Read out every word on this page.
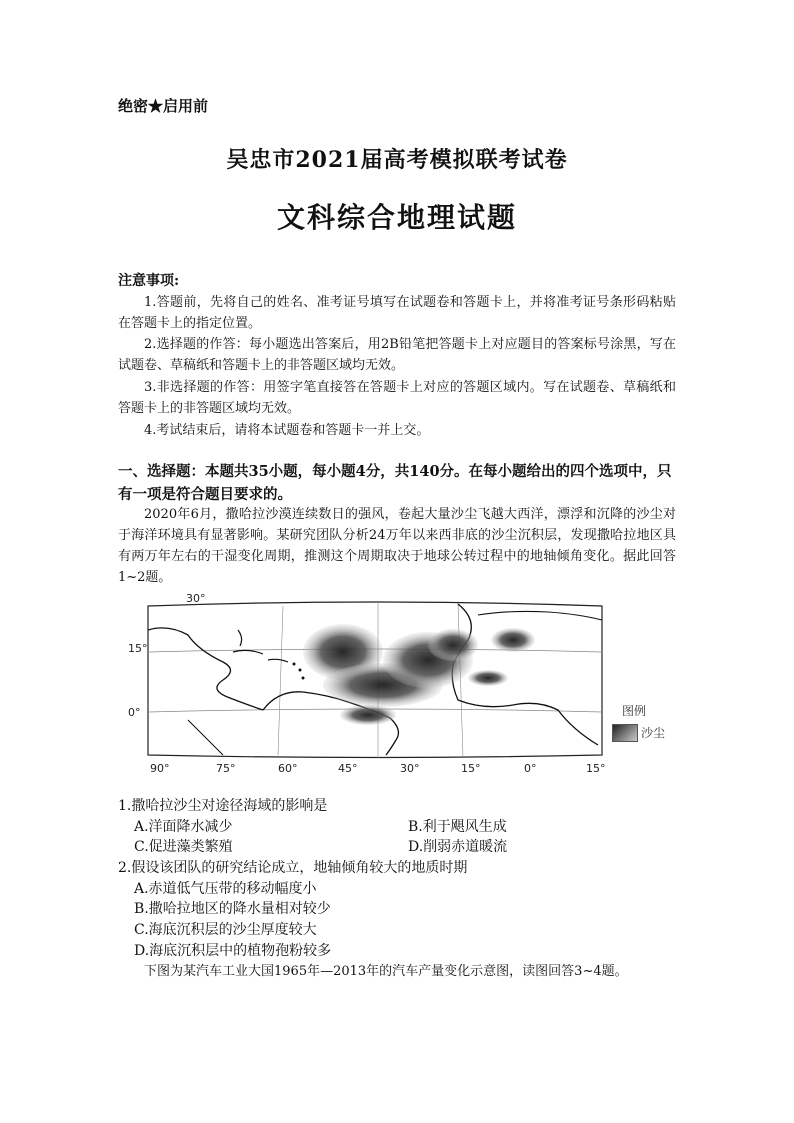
绝密★启用前
吴忠市2021届高考模拟联考试卷
文科综合地理试题
注意事项:
1.答题前，先将自己的姓名、准考证号填写在试题卷和答题卡上，并将准考证号条形码粘贴在答题卡上的指定位置。
2.选择题的作答：每小题选出答案后，用2B铅笔把答题卡上对应题目的答案标号涂黑，写在试题卷、草稿纸和答题卡上的非答题区域均无效。
3.非选择题的作答：用签字笔直接答在答题卡上对应的答题区域内。写在试题卷、草稿纸和答题卡上的非答题区域均无效。
4.考试结束后，请将本试题卷和答题卡一并上交。
一、选择题：本题共35小题，每小题4分，共140分。在每小题给出的四个选项中，只有一项是符合题目要求的。
2020年6月，撒哈拉沙漠连续数日的强风，卷起大量沙尘飞越大西洋，漂浮和沉降的沙尘对于海洋环境具有显著影响。某研究团队分析24万年以来西非底的沙尘沉积层，发现撒哈拉地区具有两万年左右的干湿变化周期，推测这个周期取决于地球公转过程中的地轴倾角变化。据此回答1~2题。
30°
15°
0°
90°	75°	60°	45°	30°	15°	0°	15°
图例
沙尘
1.撒哈拉沙尘对途径海域的影响是
A.洋面降水减少	B.利于飓风生成
C.促进藻类繁殖	D.削弱赤道暖流
2.假设该团队的研究结论成立，地轴倾角较大的地质时期
A.赤道低气压带的移动幅度小
B.撒哈拉地区的降水量相对较少
C.海底沉积层的沙尘厚度较大
D.海底沉积层中的植物孢粉较多
下图为某汽车工业大国1965年—2013年的汽车产量变化示意图，读图回答3~4题。
